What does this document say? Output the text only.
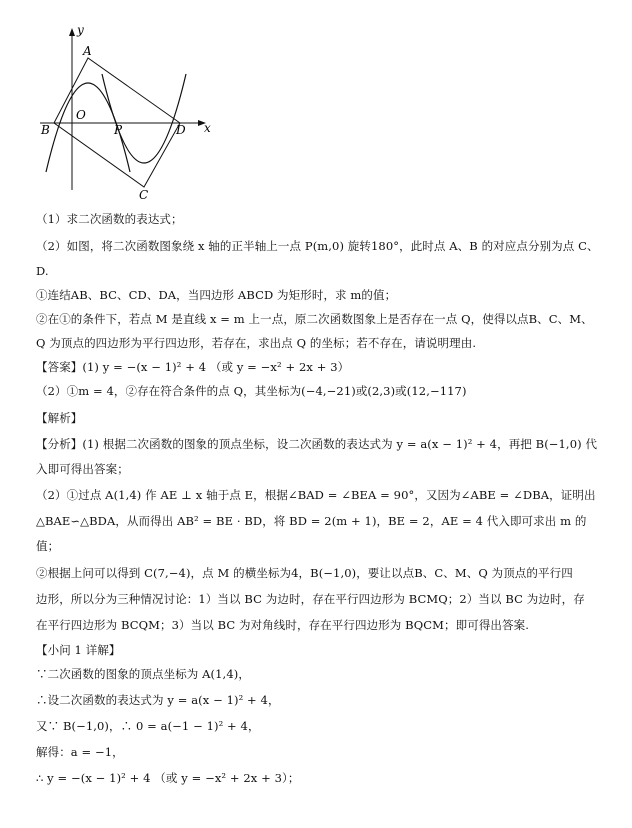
y
x
A
O
B	P	D
C
（1）求二次函数的表达式；
（2）如图，将二次函数图象绕 x 轴的正半轴上一点 P(m,0) 旋转180°，此时点 A、B 的对应点分别为点 C、
D.
①连结AB、BC、CD、DA，当四边形 ABCD 为矩形时，求 m的值；
②在①的条件下，若点 M 是直线 x = m 上一点，原二次函数图象上是否存在一点 Q，使得以点B、C、M、
Q 为顶点的四边形为平行四边形，若存在，求出点 Q 的坐标；若不存在，请说明理由.
【答案】(1) y = −(x − 1)² + 4 （或 y = −x² + 2x + 3）
（2）①m = 4，②存在符合条件的点 Q，其坐标为(−4,−21)或(2,3)或(12,−117)
【解析】
【分析】(1) 根据二次函数的图象的顶点坐标，设二次函数的表达式为 y = a(x − 1)² + 4，再把 B(−1,0) 代
入即可得出答案；
（2）①过点 A(1,4) 作 AE ⊥ x 轴于点 E，根据∠BAD = ∠BEA = 90°，又因为∠ABE = ∠DBA，证明出
△BAE∽△BDA，从而得出 AB² = BE · BD，将 BD = 2(m + 1)，BE = 2，AE = 4 代入即可求出 m 的
值；
②根据上问可以得到 C(7,−4)，点 M 的横坐标为4，B(−1,0)，要让以点B、C、M、Q 为顶点的平行四
边形，所以分为三种情况讨论：1）当以 BC 为边时，存在平行四边形为 BCMQ；2）当以 BC 为边时，存
在平行四边形为 BCQM；3）当以 BC 为对角线时，存在平行四边形为 BQCM；即可得出答案.
【小问 1 详解】
∵二次函数的图象的顶点坐标为 A(1,4)，
∴设二次函数的表达式为 y = a(x − 1)² + 4，
又∵ B(−1,0)，∴ 0 = a(−1 − 1)² + 4，
解得：a = −1，
∴ y = −(x − 1)² + 4 （或 y = −x² + 2x + 3）；
